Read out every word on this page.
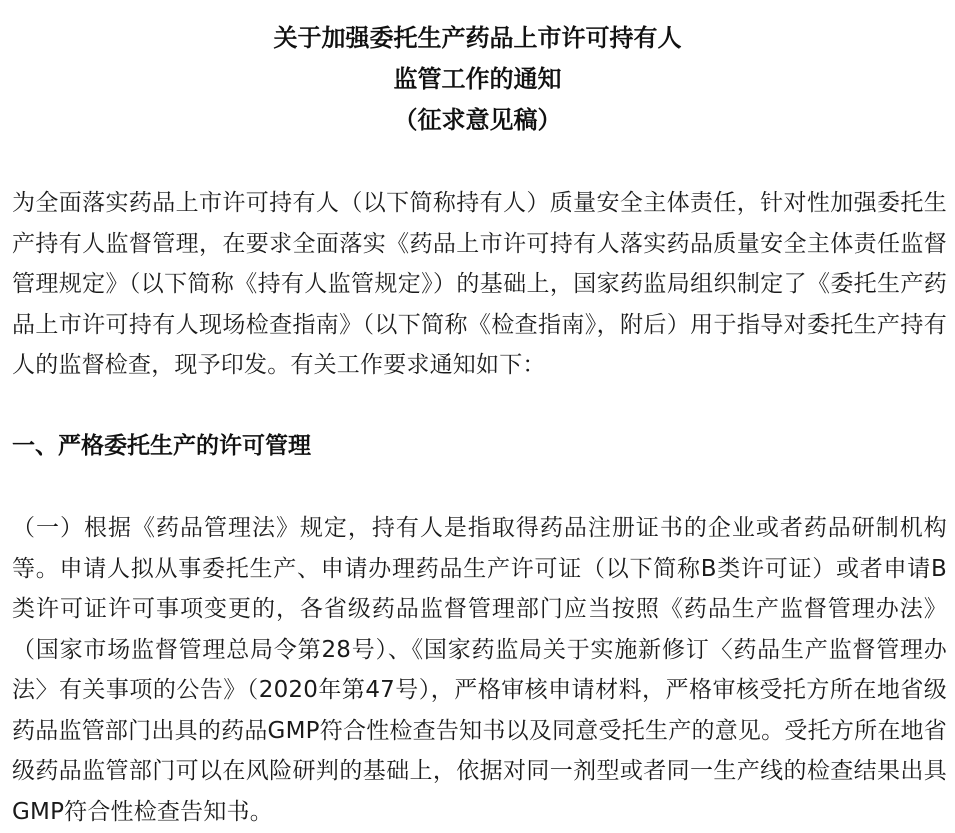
关于加强委托生产药品上市许可持有人
监管工作的通知
（征求意见稿）
为全面落实药品上市许可持有人（以下简称持有人）质量安全主体责任，针对性加强委托生产持有人监督管理，在要求全面落实《药品上市许可持有人落实药品质量安全主体责任监督管理规定》（以下简称《持有人监管规定》）的基础上，国家药监局组织制定了《委托生产药品上市许可持有人现场检查指南》（以下简称《检查指南》，附后）用于指导对委托生产持有人的监督检查，现予印发。有关工作要求通知如下：
一、严格委托生产的许可管理
（一）根据《药品管理法》规定，持有人是指取得药品注册证书的企业或者药品研制机构等。申请人拟从事委托生产、申请办理药品生产许可证（以下简称B类许可证）或者申请B类许可证许可事项变更的，各省级药品监督管理部门应当按照《药品生产监督管理办法》（国家市场监督管理总局令第28号）、《国家药监局关于实施新修订〈药品生产监督管理办法〉有关事项的公告》（2020年第47号），严格审核申请材料，严格审核受托方所在地省级药品监管部门出具的药品GMP符合性检查告知书以及同意受托生产的意见。受托方所在地省级药品监管部门可以在风险研判的基础上，依据对同一剂型或者同一生产线的检查结果出具GMP符合性检查告知书。
